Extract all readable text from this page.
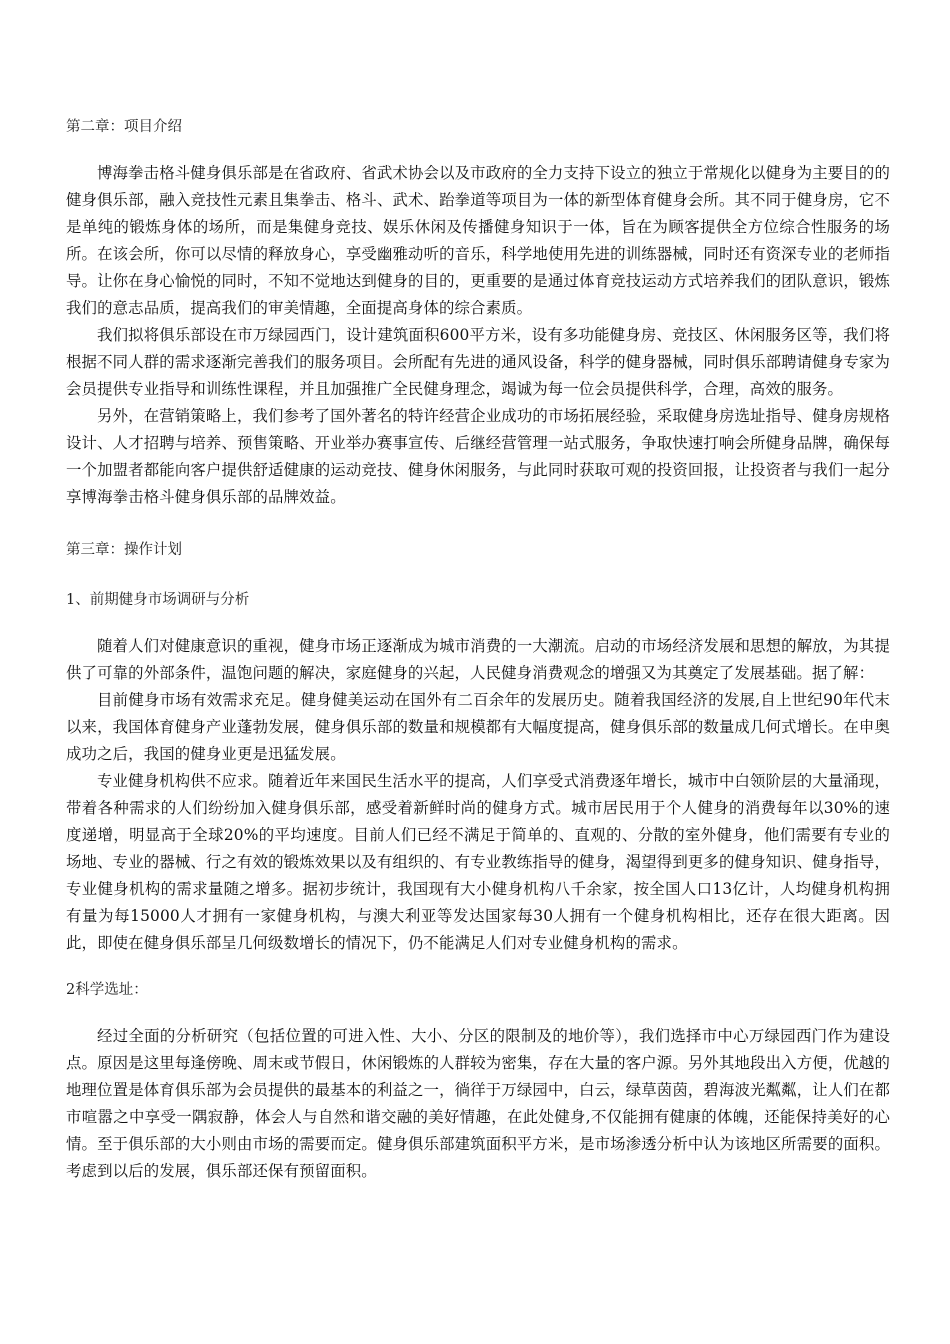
第二章：项目介绍

博海拳击格斗健身俱乐部是在省政府、省武术协会以及市政府的全力支持下设立的独立于常规化以健身为主要目的的健身俱乐部，融入竞技性元素且集拳击、格斗、武术、跆拳道等项目为一体的新型体育健身会所。其不同于健身房，它不是单纯的锻炼身体的场所，而是集健身竞技、娱乐休闲及传播健身知识于一体，旨在为顾客提供全方位综合性服务的场所。在该会所，你可以尽情的释放身心，享受幽雅动听的音乐，科学地使用先进的训练器械，同时还有资深专业的老师指导。让你在身心愉悦的同时，不知不觉地达到健身的目的，更重要的是通过体育竞技运动方式培养我们的团队意识，锻炼我们的意志品质，提高我们的审美情趣，全面提高身体的综合素质。

我们拟将俱乐部设在市万绿园西门，设计建筑面积600平方米，设有多功能健身房、竞技区、休闲服务区等，我们将根据不同人群的需求逐渐完善我们的服务项目。会所配有先进的通风设备，科学的健身器械，同时俱乐部聘请健身专家为会员提供专业指导和训练性课程，并且加强推广全民健身理念，竭诚为每一位会员提供科学，合理，高效的服务。

另外，在营销策略上，我们参考了国外著名的特许经营企业成功的市场拓展经验，采取健身房选址指导、健身房规格设计、人才招聘与培养、预售策略、开业举办赛事宣传、后继经营管理一站式服务，争取快速打响会所健身品牌，确保每一个加盟者都能向客户提供舒适健康的运动竞技、健身休闲服务，与此同时获取可观的投资回报，让投资者与我们一起分享博海拳击格斗健身俱乐部的品牌效益。

第三章：操作计划

1、前期健身市场调研与分析

随着人们对健康意识的重视，健身市场正逐渐成为城市消费的一大潮流。启动的市场经济发展和思想的解放，为其提供了可靠的外部条件，温饱问题的解决，家庭健身的兴起，人民健身消费观念的增强又为其奠定了发展基础。据了解：

目前健身市场有效需求充足。健身健美运动在国外有二百余年的发展历史。随着我国经济的发展,自上世纪90年代末以来，我国体育健身产业蓬勃发展，健身俱乐部的数量和规模都有大幅度提高，健身俱乐部的数量成几何式增长。在申奥成功之后，我国的健身业更是迅猛发展。

专业健身机构供不应求。随着近年来国民生活水平的提高，人们享受式消费逐年增长，城市中白领阶层的大量涌现，带着各种需求的人们纷纷加入健身俱乐部，感受着新鲜时尚的健身方式。城市居民用于个人健身的消费每年以30%的速度递增，明显高于全球20%的平均速度。目前人们已经不满足于简单的、直观的、分散的室外健身，他们需要有专业的场地、专业的器械、行之有效的锻炼效果以及有组织的、有专业教练指导的健身，渴望得到更多的健身知识、健身指导，专业健身机构的需求量随之增多。据初步统计，我国现有大小健身机构八千余家，按全国人口13亿计，人均健身机构拥有量为每15000人才拥有一家健身机构，与澳大利亚等发达国家每30人拥有一个健身机构相比，还存在很大距离。因此，即使在健身俱乐部呈几何级数增长的情况下，仍不能满足人们对专业健身机构的需求。

2科学选址：

经过全面的分析研究（包括位置的可进入性、大小、分区的限制及的地价等），我们选择市中心万绿园西门作为建设点。原因是这里每逢傍晚、周末或节假日，休闲锻炼的人群较为密集，存在大量的客户源。另外其地段出入方便，优越的地理位置是体育俱乐部为会员提供的最基本的利益之一，徜徉于万绿园中，白云，绿草茵茵，碧海波光粼粼，让人们在都市喧嚣之中享受一隅寂静，体会人与自然和谐交融的美好情趣，在此处健身,不仅能拥有健康的体魄，还能保持美好的心情。至于俱乐部的大小则由市场的需要而定。健身俱乐部建筑面积平方米，是市场渗透分析中认为该地区所需要的面积。考虑到以后的发展，俱乐部还保有预留面积。
